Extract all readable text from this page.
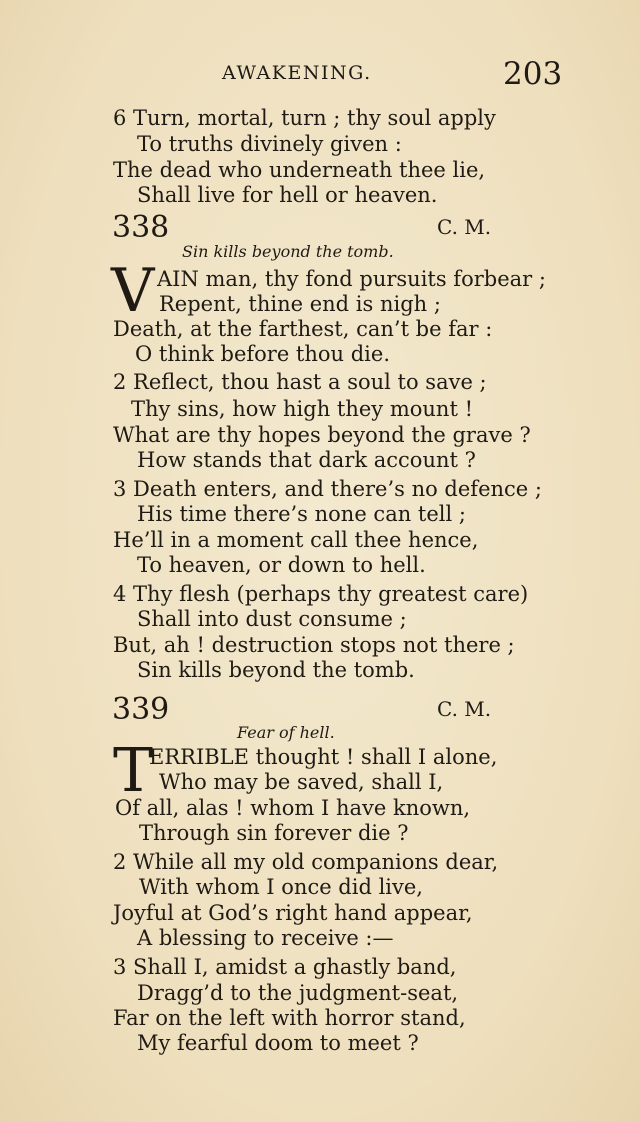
AWAKENING.	203
6 Turn, mortal, turn ; thy soul apply
To truths divinely given :
The dead who underneath thee lie,
Shall live for hell or heaven.
338	C. M.
Sin kills beyond the tomb.
V AIN man, thy fond pursuits forbear ;
Repent, thine end is nigh ;
Death, at the farthest, can’t be far :
O think before thou die.
2 Reflect, thou hast a soul to save ;
Thy sins, how high they mount !
What are thy hopes beyond the grave ?
How stands that dark account ?
3 Death enters, and there’s no defence ;
His time there’s none can tell ;
He’ll in a moment call thee hence,
To heaven, or down to hell.
4 Thy flesh (perhaps thy greatest care)
Shall into dust consume ;
But, ah ! destruction stops not there ;
Sin kills beyond the tomb.
339	C. M.
Fear of hell.
T
ERRIBLE thought ! shall I alone,
Who may be saved, shall I,
Of all, alas ! whom I have known,
Through sin forever die ?
2 While all my old companions dear,
With whom I once did live,
Joyful at God’s right hand appear,
A blessing to receive :—
3 Shall I, amidst a ghastly band,
Dragg’d to the judgment-seat,
Far on the left with horror stand,
My fearful doom to meet ?
